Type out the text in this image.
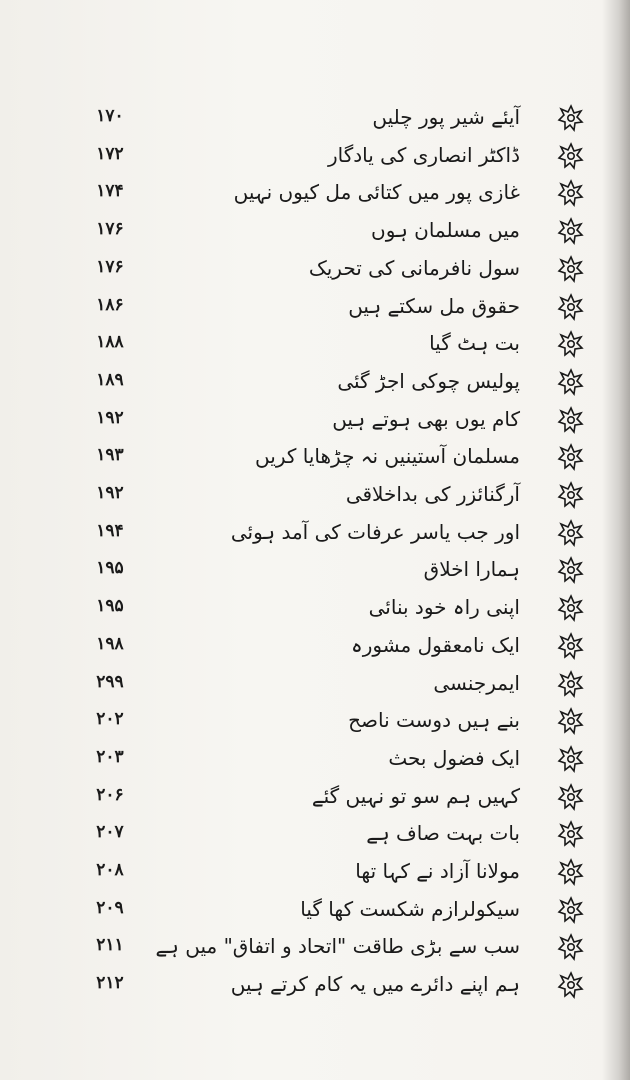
۱۷۰	آیئے شیر پور چلیں
۱۷۲	ڈاکٹر انصاری کی یادگار
۱۷۴	غازی پور میں کتائی مل کیوں نہیں
۱۷۶	میں مسلمان ہوں
۱۷۶	سول نافرمانی کی تحریک
۱۸۶	حقوق مل سکتے ہیں
۱۸۸	بت ہٹ گیا
۱۸۹	پولیس چوکی اجڑ گئی
۱۹۲	کام یوں بھی ہوتے ہیں
۱۹۳	مسلمان آستینیں نہ چڑھایا کریں
۱۹۲	آرگنائزر کی بداخلاقی
۱۹۴	اور جب یاسر عرفات کی آمد ہوئی
۱۹۵	ہمارا اخلاق
۱۹۵	اپنی راہ خود بنائی
۱۹۸	ایک نامعقول مشورہ
۲۹۹	ایمرجنسی
۲۰۲	بنے ہیں دوست ناصح
۲۰۳	ایک فضول بحث
۲۰۶	کہیں ہم سو تو نہیں گئے
۲۰۷	بات بہت صاف ہے
۲۰۸	مولانا آزاد نے کہا تھا
۲۰۹	سیکولرازم شکست کھا گیا
۲۱۱	سب سے بڑی طاقت "اتحاد و اتفاق" میں ہے
۲۱۲	ہم اپنے دائرے میں یہ کام کرتے ہیں
